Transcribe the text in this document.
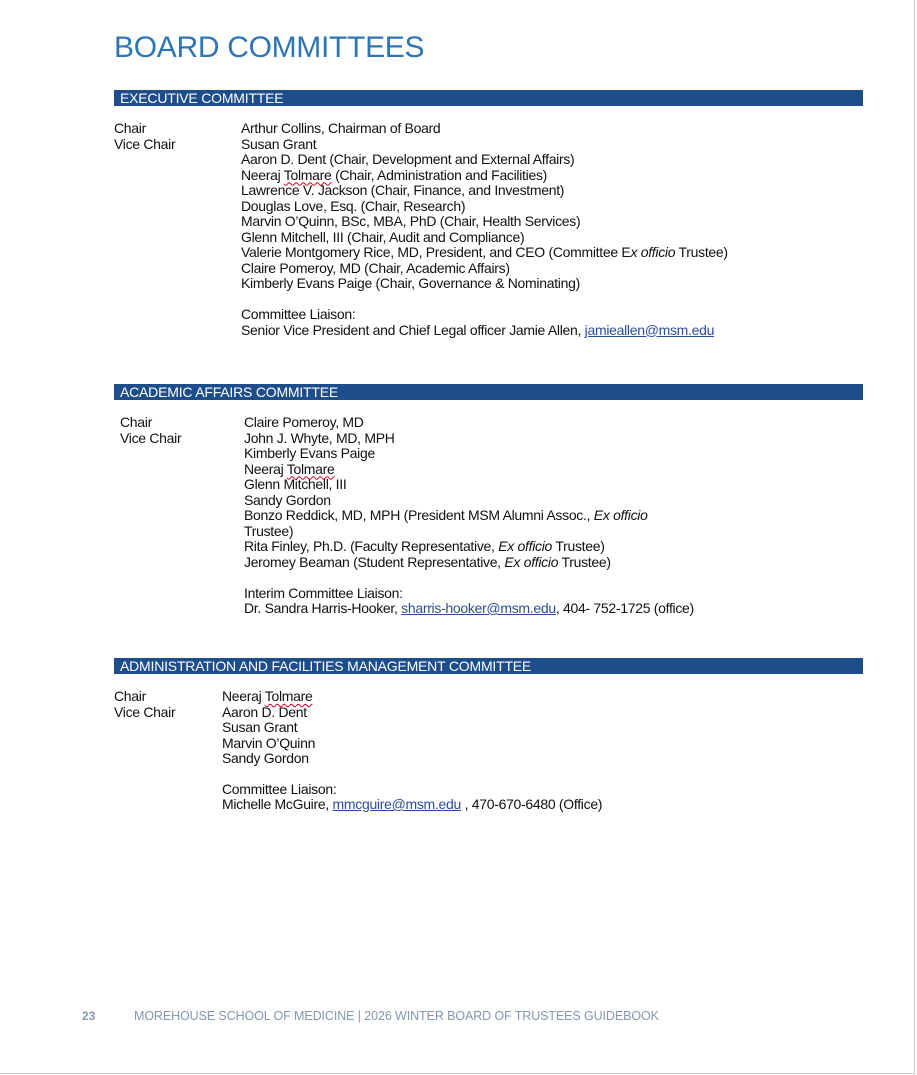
BOARD COMMITTEES
EXECUTIVE COMMITTEE
Chair
Vice Chair
Arthur Collins, Chairman of Board
Susan Grant
Aaron D. Dent (Chair, Development and External Affairs)
Neeraj Tolmare (Chair, Administration and Facilities)
Lawrence V. Jackson (Chair, Finance, and Investment)
Douglas Love, Esq. (Chair, Research)
Marvin O’Quinn, BSc, MBA, PhD (Chair, Health Services)
Glenn Mitchell, III (Chair, Audit and Compliance)
Valerie Montgomery Rice, MD, President, and CEO (Committee Ex officio Trustee)
Claire Pomeroy, MD (Chair, Academic Affairs)
Kimberly Evans Paige (Chair, Governance & Nominating)
Committee Liaison:
Senior Vice President and Chief Legal officer Jamie Allen, jamieallen@msm.edu
ACADEMIC AFFAIRS COMMITTEE
Chair
Vice Chair
Claire Pomeroy, MD
John J. Whyte, MD, MPH
Kimberly Evans Paige
Neeraj Tolmare
Glenn Mitchell, III
Sandy Gordon
Bonzo Reddick, MD, MPH (President MSM Alumni Assoc., Ex officio
Trustee)
Rita Finley, Ph.D. (Faculty Representative, Ex officio Trustee)
Jeromey Beaman (Student Representative, Ex officio Trustee)
Interim Committee Liaison:
Dr. Sandra Harris-Hooker, sharris-hooker@msm.edu, 404- 752-1725 (office)
ADMINISTRATION AND FACILITIES MANAGEMENT COMMITTEE
Chair
Vice Chair
Neeraj Tolmare
Aaron D. Dent
Susan Grant
Marvin O’Quinn
Sandy Gordon
Committee Liaison:
Michelle McGuire, mmcguire@msm.edu , 470-670-6480 (Office)
23	MOREHOUSE SCHOOL OF MEDICINE | 2026 WINTER BOARD OF TRUSTEES GUIDEBOOK
